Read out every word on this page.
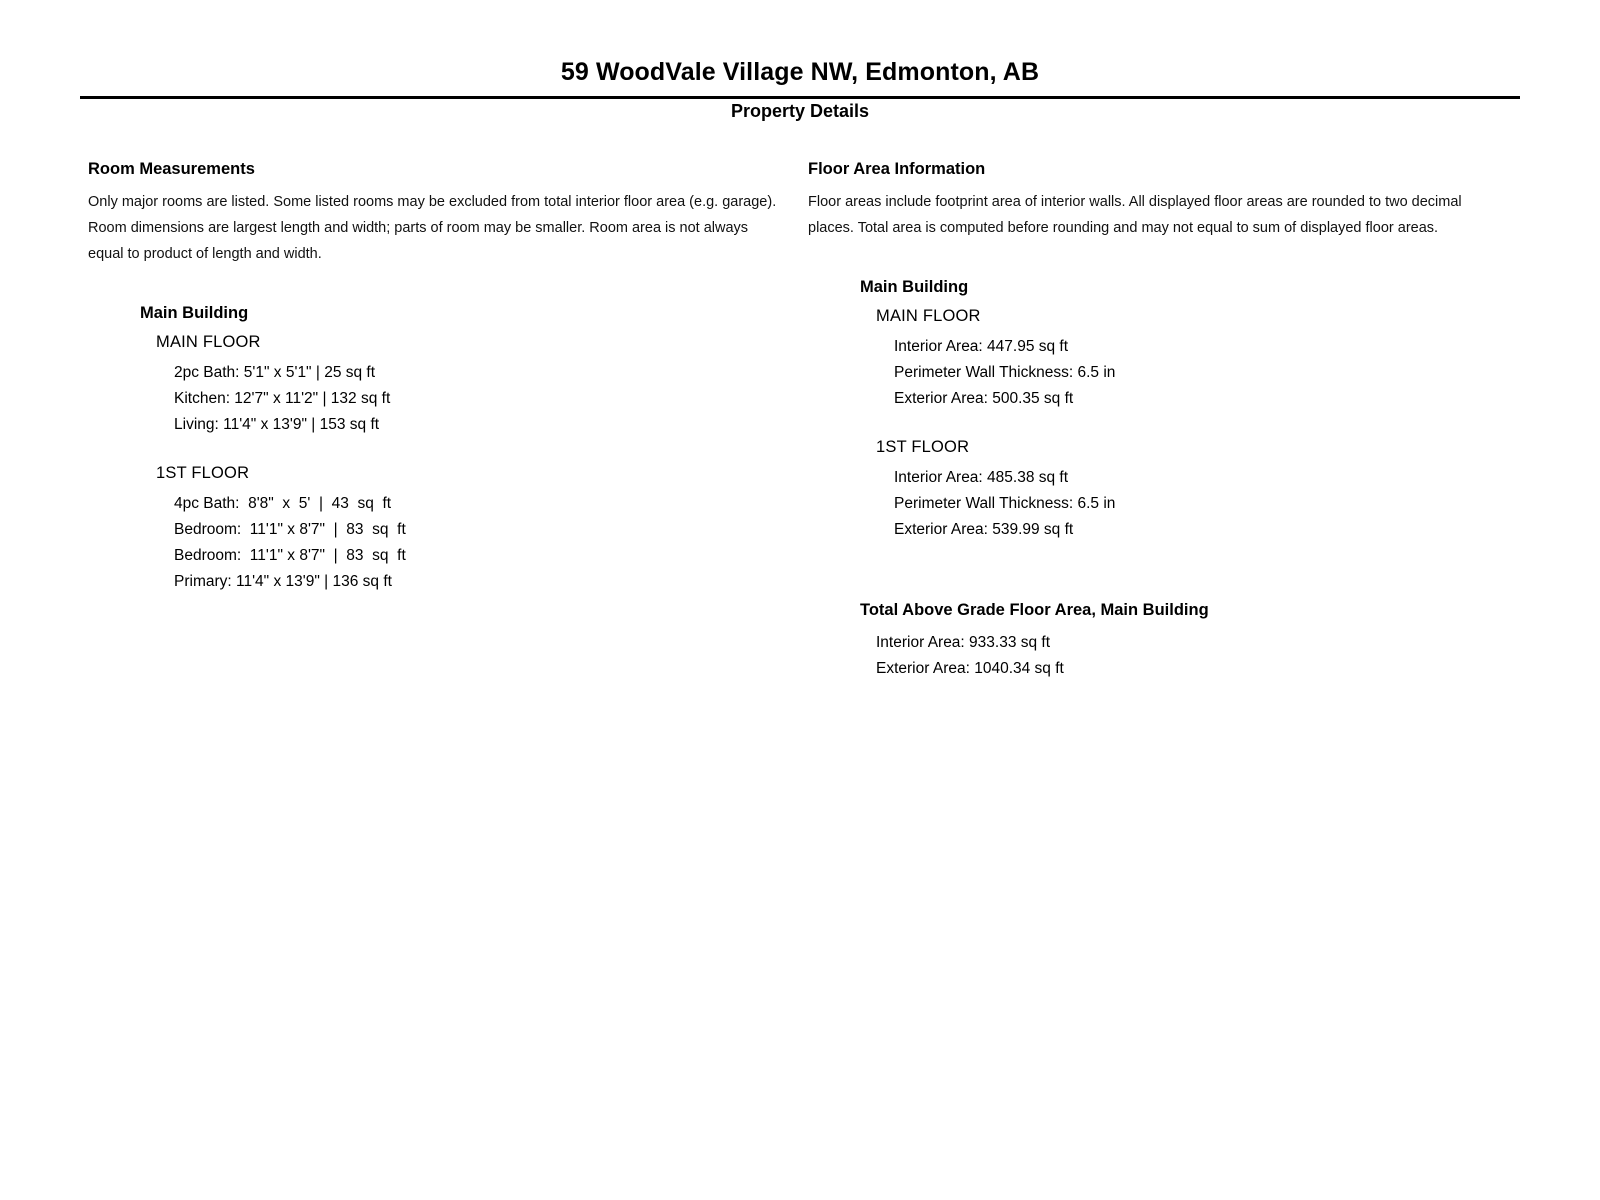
59 WoodVale Village NW, Edmonton, AB
Property Details
Room Measurements

Only major rooms are listed. Some listed rooms may be excluded from total interior floor area (e.g. garage). Room dimensions are largest length and width; parts of room may be smaller. Room area is not always equal to product of length and width.

Main Building
MAIN FLOOR
2pc Bath: 5'1" x 5'1" | 25 sq ft
Kitchen: 12'7" x 11'2" | 132 sq ft
Living: 11'4" x 13'9" | 153 sq ft
1ST FLOOR
4pc Bath:  8'8"  x  5'  |  43  sq  ft
Bedroom:  11'1" x 8'7"  |  83  sq  ft
Bedroom:  11'1" x 8'7"  |  83  sq  ft
Primary: 11'4" x 13'9" | 136 sq ft
Floor Area Information

Floor areas include footprint area of interior walls. All displayed floor areas are rounded to two decimal places. Total area is computed before rounding and may not equal to sum of displayed floor areas.

Main Building
MAIN FLOOR
Interior Area: 447.95 sq ft
Perimeter Wall Thickness: 6.5 in
Exterior Area: 500.35 sq ft
1ST FLOOR
Interior Area: 485.38 sq ft
Perimeter Wall Thickness: 6.5 in
Exterior Area: 539.99 sq ft
Total Above Grade Floor Area, Main Building
Interior Area: 933.33 sq ft
Exterior Area: 1040.34 sq ft
